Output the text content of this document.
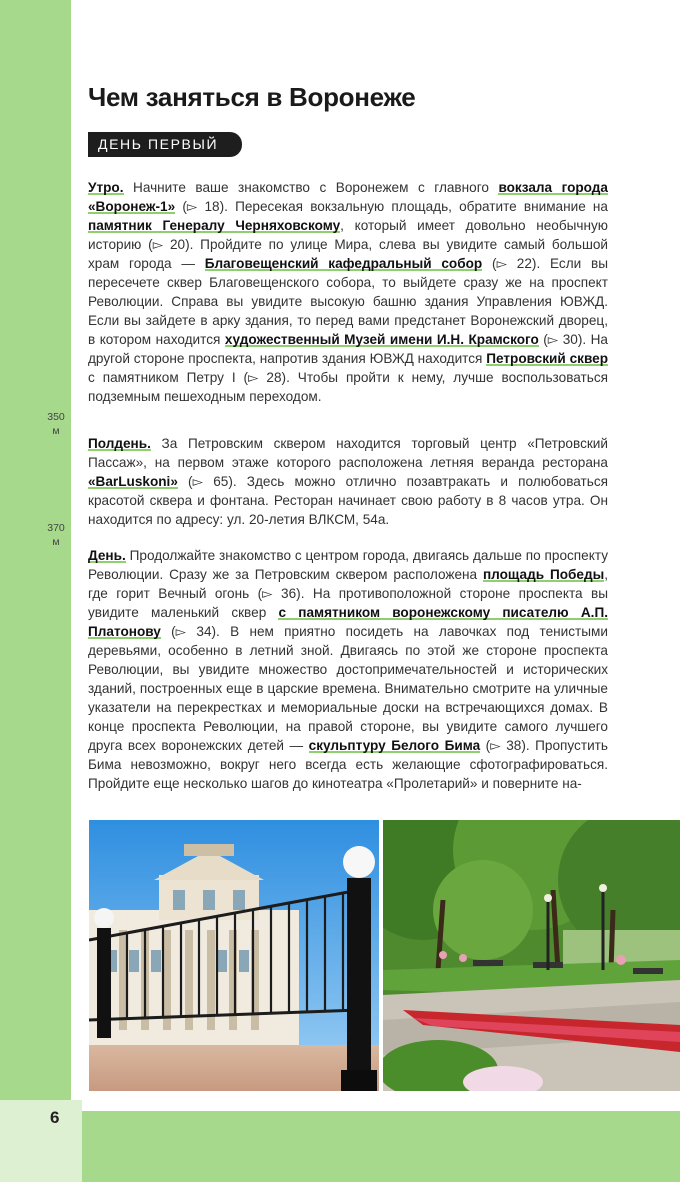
6
Чем заняться в Воронеже
ДЕНЬ ПЕРВЫЙ
350
м
370
м

Утро. Начните ваше знакомство с Воронежем с главного вокзала города «Воронеж-1» (▻ 18). Пересекая вокзальную площадь, обратите внимание на памятник Генералу Черняховскому, который имеет довольно необычную историю (▻ 20). Пройдите по улице Мира, слева вы увидите самый большой храм города — Благовещенский кафедральный собор (▻ 22). Если вы пересечете сквер Благовещенского собора, то выйдете сразу же на проспект Революции. Справа вы увидите высокую башню здания Управления ЮВЖД. Если вы зайдете в арку здания, то перед вами предстанет Воронежский дворец, в котором находится художественный Музей имени И.Н. Крамского (▻ 30). На другой стороне проспекта, напротив здания ЮВЖД находится Петровский сквер с памятником Петру I (▻ 28). Чтобы пройти к нему, лучше воспользоваться подземным пешеходным переходом.

Полдень. За Петровским сквером находится торговый центр «Петровский Пассаж», на первом этаже которого расположена летняя веранда ресторана «BarLuskoni» (▻ 65). Здесь можно отлично позавтракать и полюбоваться красотой сквера и фонтана. Ресторан начинает свою работу в 8 часов утра. Он находится по адресу: ул. 20-летия ВЛКСМ, 54а.

День. Продолжайте знакомство с центром города, двигаясь дальше по проспекту Революции. Сразу же за Петровским сквером расположена площадь Победы, где горит Вечный огонь (▻ 36). На противоположной стороне проспекта вы увидите маленький сквер с памятником воронежскому писателю А.П. Платонову (▻ 34). В нем приятно посидеть на лавочках под тенистыми деревьями, особенно в летний зной. Двигаясь по этой же стороне проспекта Революции, вы увидите множество достопримечательностей и исторических зданий, построенных еще в царские времена. Внимательно смотрите на уличные указатели на перекрестках и мемориальные доски на встречающихся домах. В конце проспекта Революции, на правой стороне, вы увидите самого лучшего друга всех воронежских детей — скульптуру Белого Бима (▻ 38). Пропустить Бима невозможно, вокруг него всегда есть желающие сфотографироваться. Пройдите еще несколько шагов до кинотеатра «Пролетарий» и поверните на-
